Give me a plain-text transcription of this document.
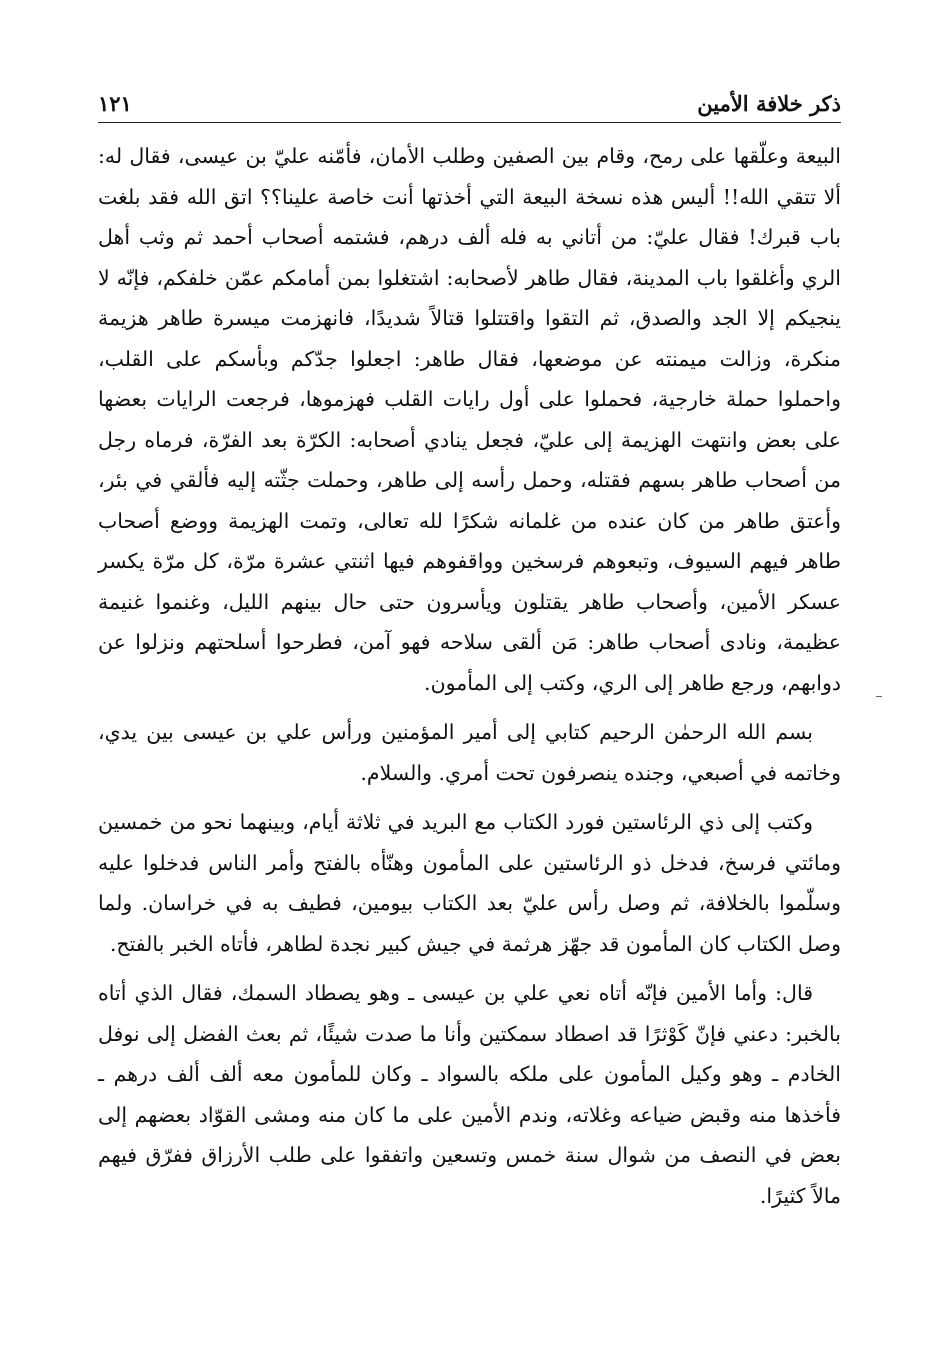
ذكر خلافة الأمين
١٢١

البيعة وعلّقها على رمح، وقام بين الصفين وطلب الأمان، فأمّنه عليّ بن عيسى، فقال له: ألا تتقي الله!! أليس هذه نسخة البيعة التي أخذتها أنت خاصة علينا؟؟ اتق الله فقد بلغت باب قبرك! فقال عليّ: من أتاني به فله ألف درهم، فشتمه أصحاب أحمد ثم وثب أهل الري وأغلقوا باب المدينة، فقال طاهر لأصحابه: اشتغلوا بمن أمامكم عمّن خلفكم، فإنّه لا ينجيكم إلا الجد والصدق، ثم التقوا واقتتلوا قتالاً شديدًا، فانهزمت ميسرة طاهر هزيمة منكرة، وزالت ميمنته عن موضعها، فقال طاهر: اجعلوا جدّكم وبأسكم على القلب، واحملوا حملة خارجية، فحملوا على أول رايات القلب فهزموها، فرجعت الرايات بعضها على بعض وانتهت الهزيمة إلى عليّ، فجعل ينادي أصحابه: الكرّة بعد الفرّة، فرماه رجل من أصحاب طاهر بسهم فقتله، وحمل رأسه إلى طاهر، وحملت جثّته إليه فألقي في بئر، وأعتق طاهر من كان عنده من غلمانه شكرًا لله تعالى، وتمت الهزيمة ووضع أصحاب طاهر فيهم السيوف، وتبعوهم فرسخين وواقفوهم فيها اثنتي عشرة مرّة، كل مرّة يكسر عسكر الأمين، وأصحاب طاهر يقتلون ويأسرون حتى حال بينهم الليل، وغنموا غنيمة عظيمة، ونادى أصحاب طاهر: مَن ألقى سلاحه فهو آمن، فطرحوا أسلحتهم ونزلوا عن دوابهم، ورجع طاهر إلى الري، وكتب إلى المأمون.

بسم الله الرحمٰن الرحيم كتابي إلى أمير المؤمنين ورأس علي بن عيسى بين يدي، وخاتمه في أصبعي، وجنده ينصرفون تحت أمري. والسلام.

وكتب إلى ذي الرئاستين فورد الكتاب مع البريد في ثلاثة أيام، وبينهما نحو من خمسين ومائتي فرسخ، فدخل ذو الرئاستين على المأمون وهنّأه بالفتح وأمر الناس فدخلوا عليه وسلّموا بالخلافة، ثم وصل رأس عليّ بعد الكتاب بيومين، فطيف به في خراسان. ولما وصل الكتاب كان المأمون قد جهّز هرثمة في جيش كبير نجدة لطاهر، فأتاه الخبر بالفتح.

قال: وأما الأمين فإنّه أتاه نعي علي بن عيسى ـ وهو يصطاد السمك، فقال الذي أتاه بالخبر: دعني فإنّ كَوْثرًا قد اصطاد سمكتين وأنا ما صدت شيئًا، ثم بعث الفضل إلى نوفل الخادم ـ وهو وكيل المأمون على ملكه بالسواد ـ وكان للمأمون معه ألف ألف درهم ـ فأخذها منه وقبض ضياعه وغلاته، وندم الأمين على ما كان منه ومشى القوّاد بعضهم إلى بعض في النصف من شوال سنة خمس وتسعين واتفقوا على طلب الأرزاق ففرّق فيهم مالاً كثيرًا.
